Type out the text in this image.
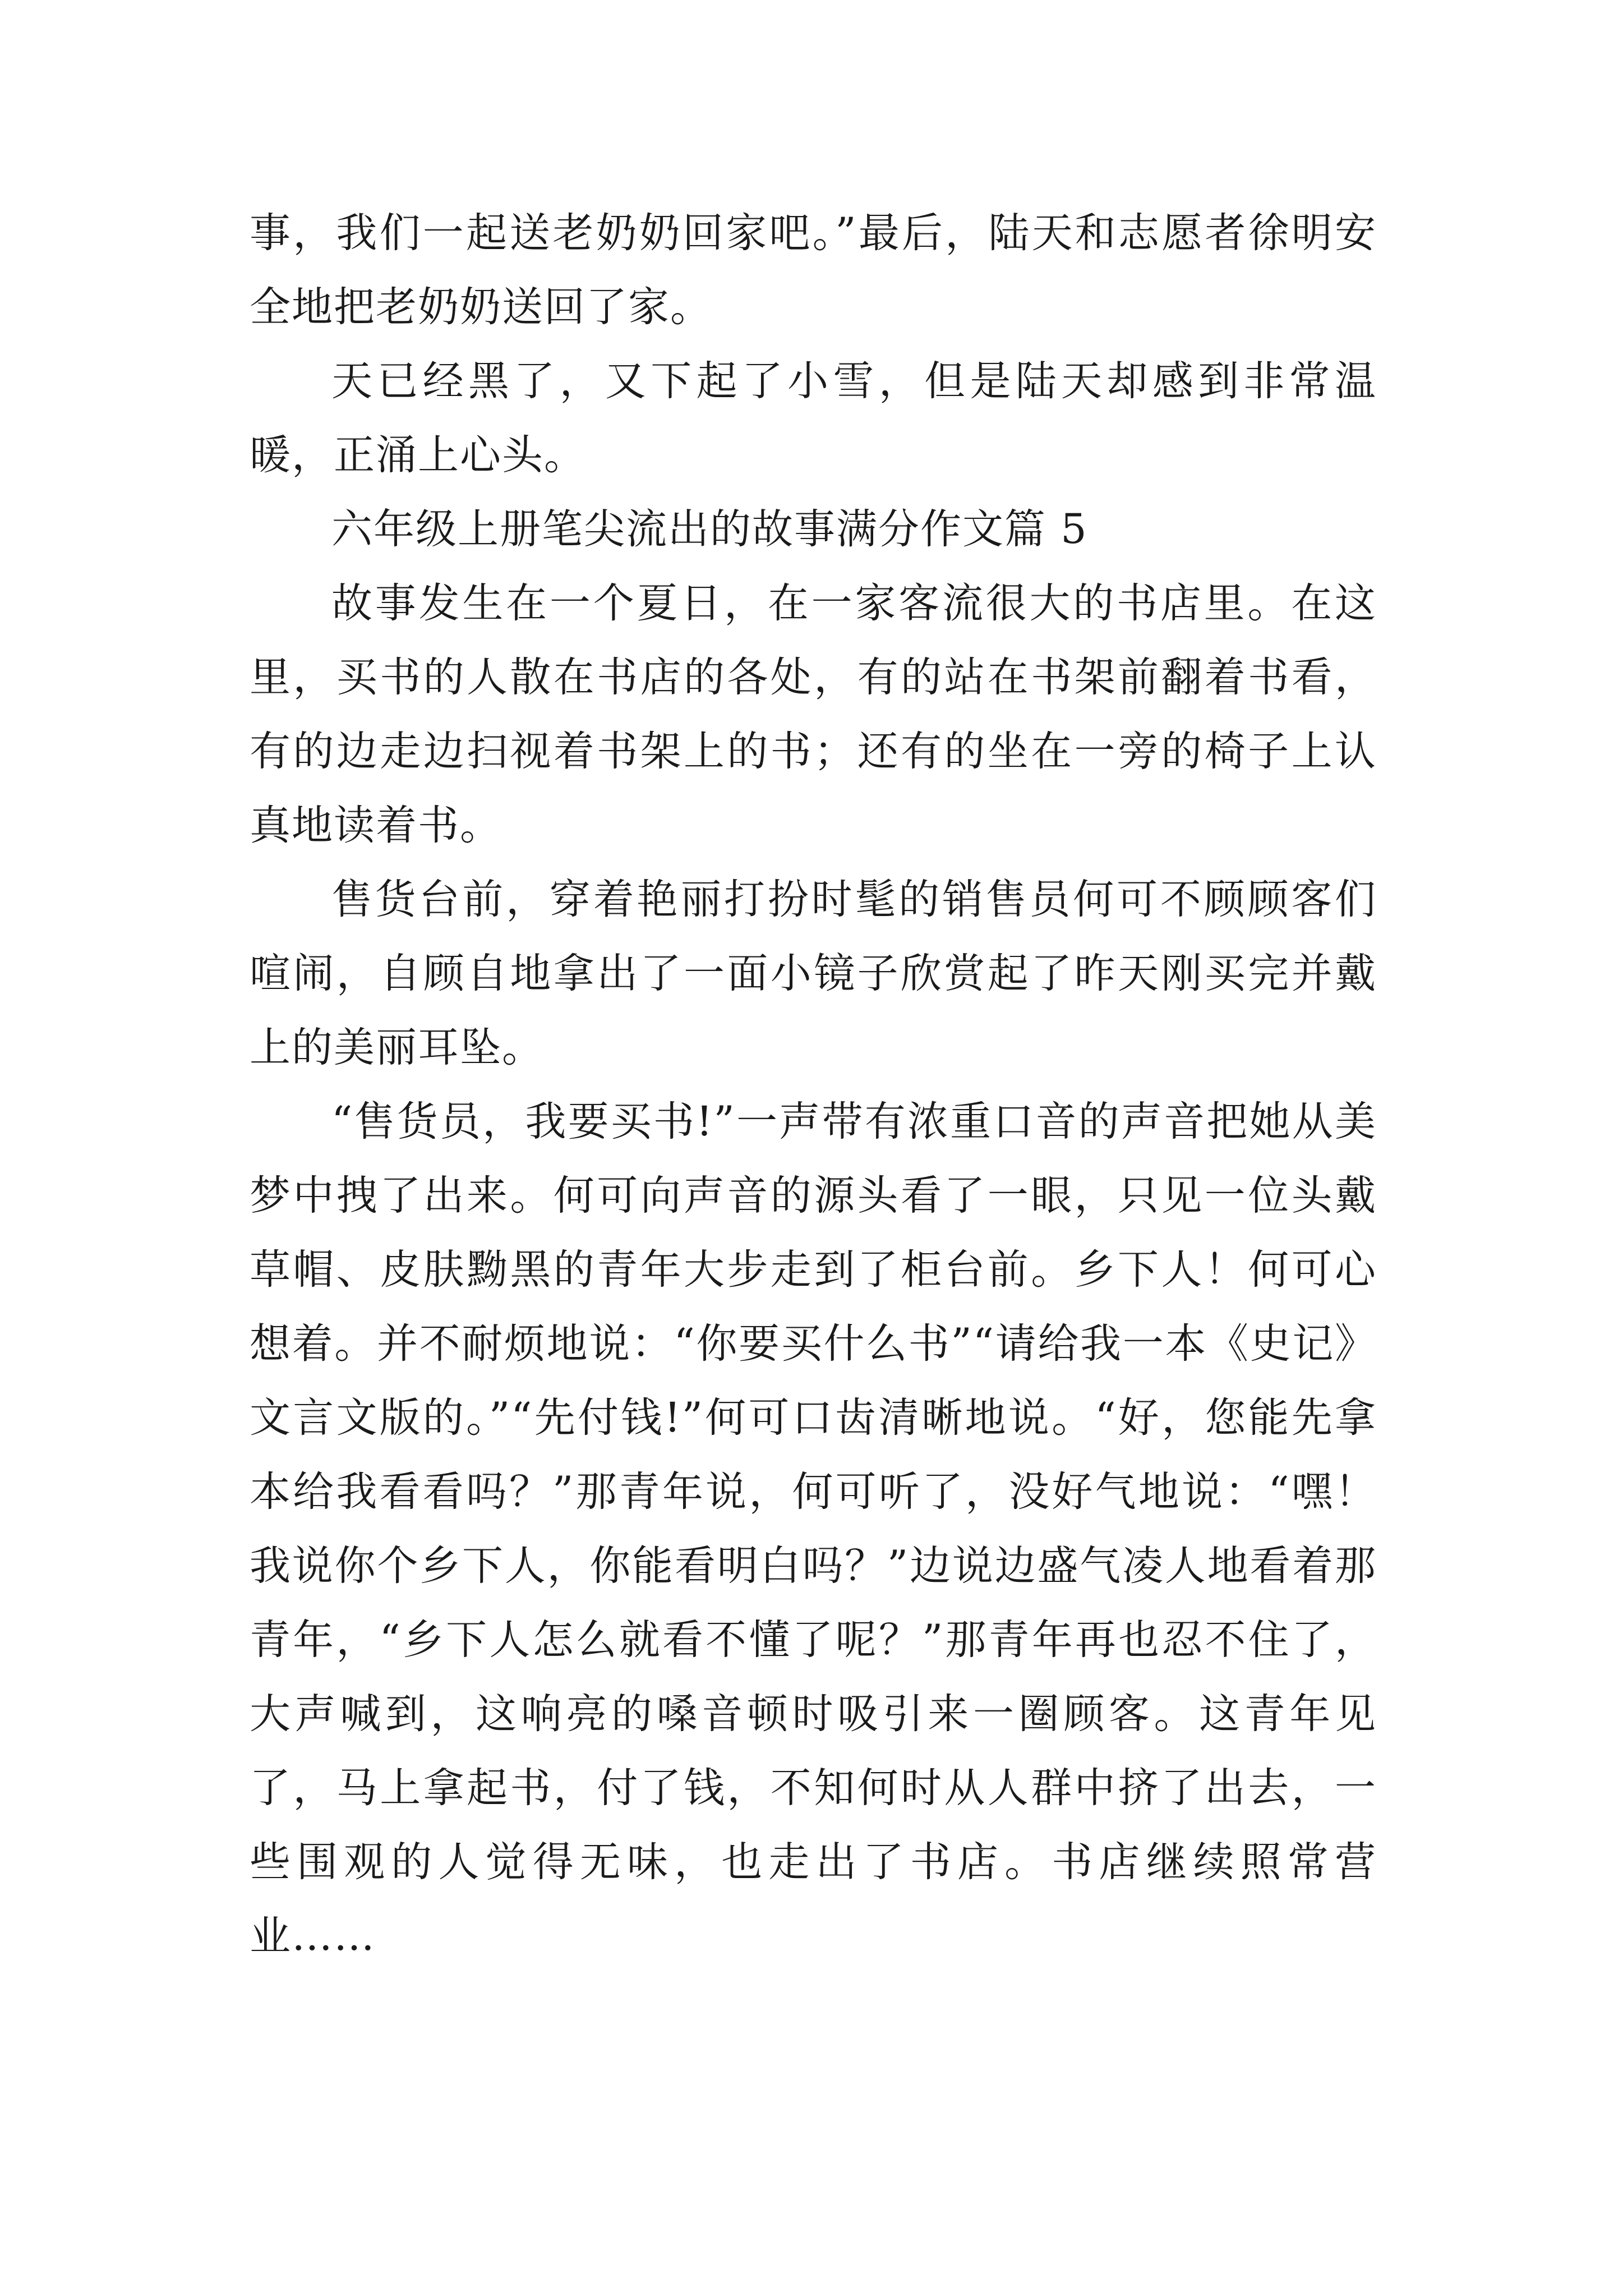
事，我们一起送老奶奶回家吧。”最后，陆天和志愿者徐明安全地把老奶奶送回了家。

天已经黑了，又下起了小雪，但是陆天却感到非常温暖，正涌上心头。

六年级上册笔尖流出的故事满分作文篇 5

故事发生在一个夏日，在一家客流很大的书店里。在这里，买书的人散在书店的各处，有的站在书架前翻着书看，有的边走边扫视着书架上的书；还有的坐在一旁的椅子上认真地读着书。

售货台前，穿着艳丽打扮时髦的销售员何可不顾顾客们喧闹，自顾自地拿出了一面小镜子欣赏起了昨天刚买完并戴上的美丽耳坠。

“售货员，我要买书!”一声带有浓重口音的声音把她从美梦中拽了出来。何可向声音的源头看了一眼，只见一位头戴草帽、皮肤黝黑的青年大步走到了柜台前。乡下人！何可心想着。并不耐烦地说：“你要买什么书”“请给我一本《史记》文言文版的。”“先付钱!”何可口齿清晰地说。“好，您能先拿本给我看看吗？”那青年说，何可听了，没好气地说：“嘿！我说你个乡下人，你能看明白吗？”边说边盛气凌人地看着那青年，“乡下人怎么就看不懂了呢？”那青年再也忍不住了，大声喊到，这响亮的嗓音顿时吸引来一圈顾客。这青年见了，马上拿起书，付了钱，不知何时从人群中挤了出去，一些围观的人觉得无味，也走出了书店。书店继续照常营业……
